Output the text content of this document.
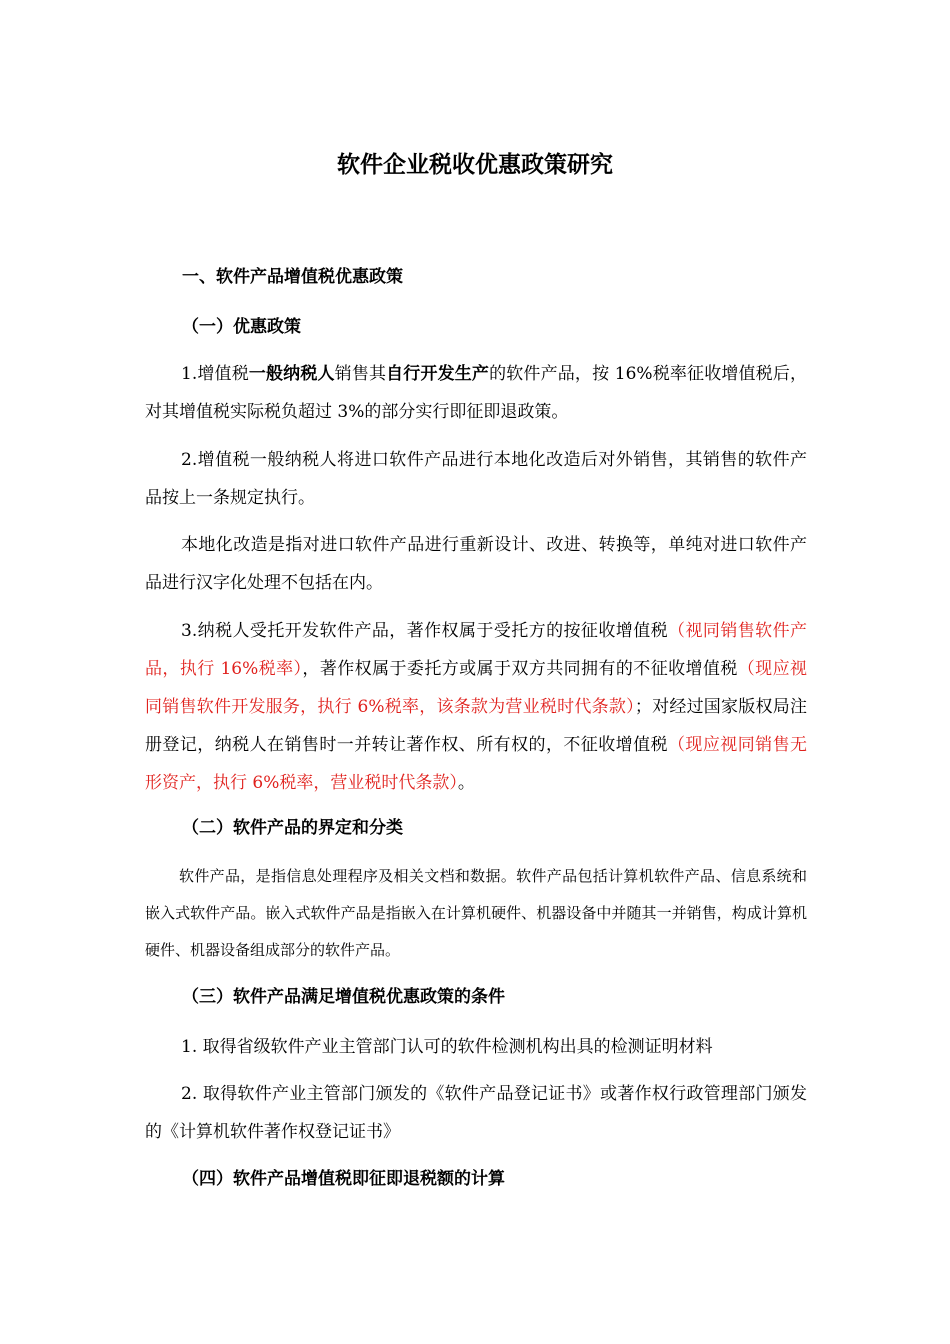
软件企业税收优惠政策研究
一、软件产品增值税优惠政策
（一）优惠政策
1.增值税一般纳税人销售其自行开发生产的软件产品，按 16%税率征收增值税后，对其增值税实际税负超过 3%的部分实行即征即退政策。
2.增值税一般纳税人将进口软件产品进行本地化改造后对外销售，其销售的软件产品按上一条规定执行。
本地化改造是指对进口软件产品进行重新设计、改进、转换等，单纯对进口软件产品进行汉字化处理不包括在内。
3.纳税人受托开发软件产品，著作权属于受托方的按征收增值税（视同销售软件产品，执行 16%税率），著作权属于委托方或属于双方共同拥有的不征收增值税（现应视同销售软件开发服务，执行 6%税率，该条款为营业税时代条款）；对经过国家版权局注册登记，纳税人在销售时一并转让著作权、所有权的，不征收增值税（现应视同销售无形资产，执行 6%税率，营业税时代条款）。
（二）软件产品的界定和分类
软件产品，是指信息处理程序及相关文档和数据。软件产品包括计算机软件产品、信息系统和嵌入式软件产品。嵌入式软件产品是指嵌入在计算机硬件、机器设备中并随其一并销售，构成计算机硬件、机器设备组成部分的软件产品。
（三）软件产品满足增值税优惠政策的条件
1. 取得省级软件产业主管部门认可的软件检测机构出具的检测证明材料
2. 取得软件产业主管部门颁发的《软件产品登记证书》或著作权行政管理部门颁发的《计算机软件著作权登记证书》
（四）软件产品增值税即征即退税额的计算
